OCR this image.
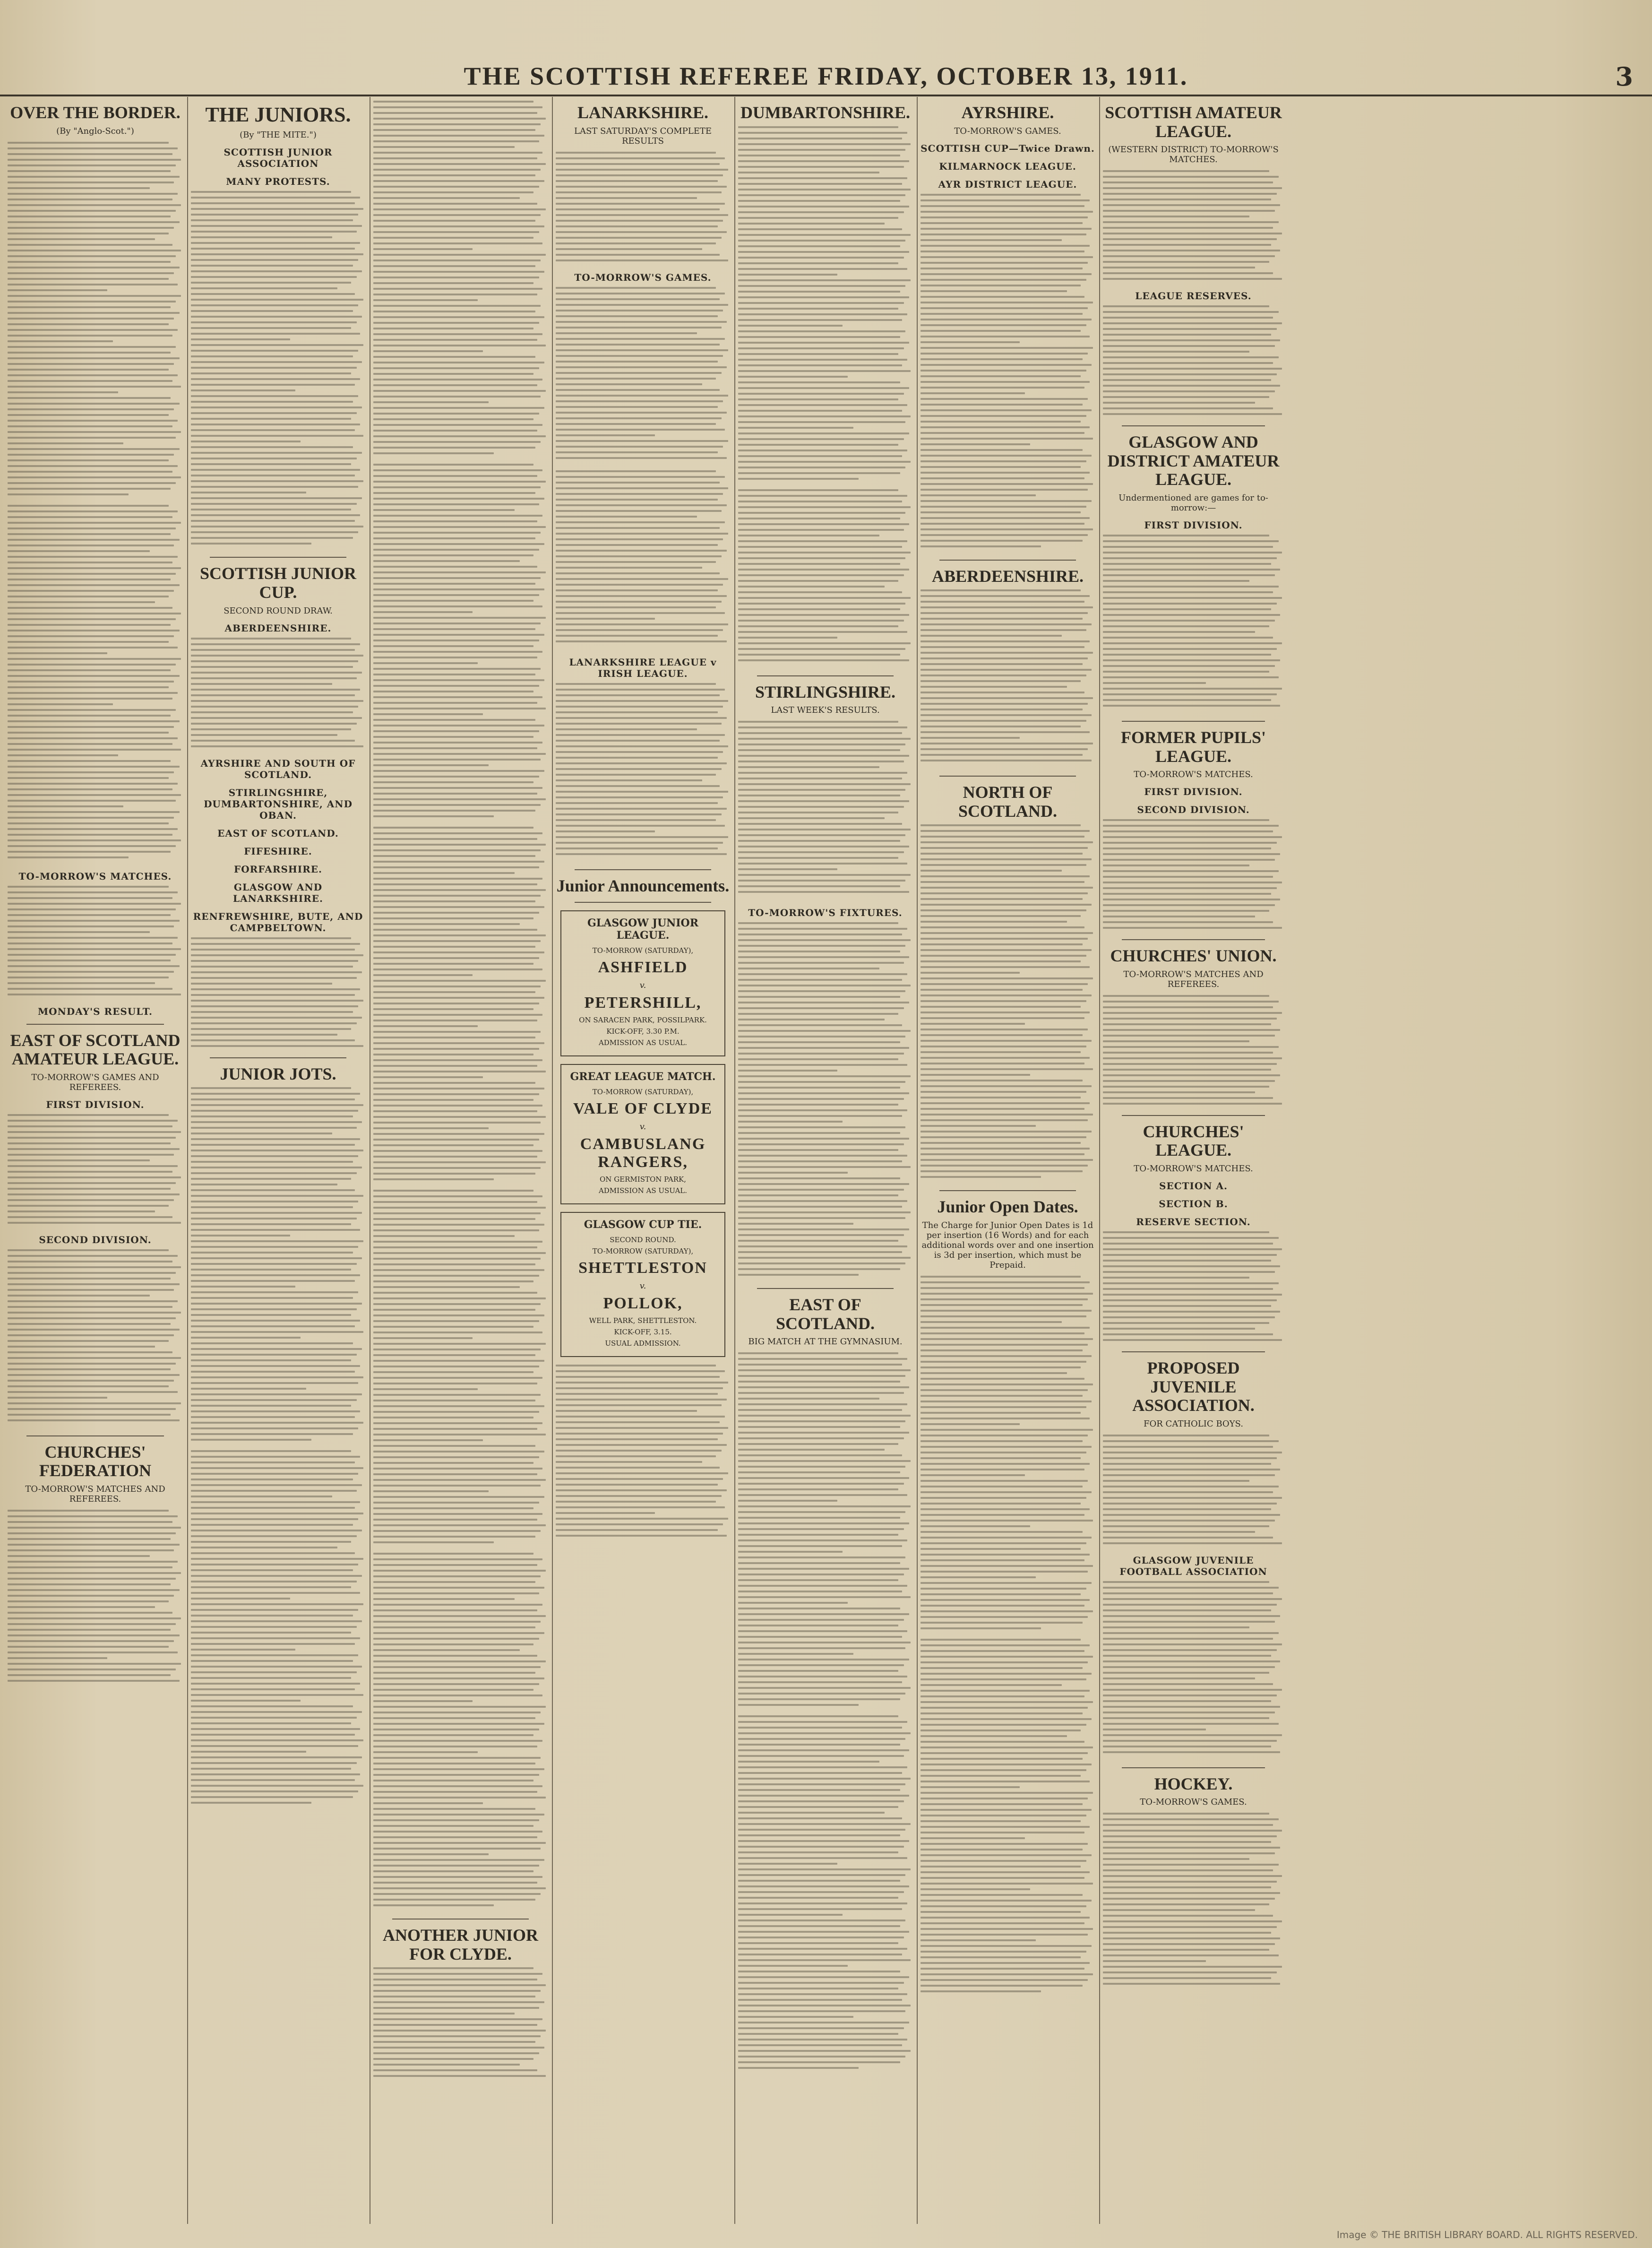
THE SCOTTISH REFEREE FRIDAY, OCTOBER 13, 1911.	3
OVER THE BORDER.
(By "Anglo-Scot.")
TO-MORROW'S MATCHES.
MONDAY'S RESULT.
EAST OF SCOTLAND AMATEUR LEAGUE.
TO-MORROW'S GAMES AND REFEREES.
FIRST DIVISION.
SECOND DIVISION.
CHURCHES' FEDERATION
TO-MORROW'S MATCHES AND REFEREES.
THE JUNIORS.
(By "THE MITE.")
SCOTTISH JUNIOR ASSOCIATION
MANY PROTESTS.
SCOTTISH JUNIOR CUP.
SECOND ROUND DRAW.
ABERDEENSHIRE.
AYRSHIRE AND SOUTH OF SCOTLAND.
STIRLINGSHIRE, DUMBARTONSHIRE, AND OBAN.
EAST OF SCOTLAND.
FIFESHIRE.
FORFARSHIRE.
GLASGOW AND LANARKSHIRE.
RENFREWSHIRE, BUTE, AND CAMPBELTOWN.
JUNIOR JOTS.
ANOTHER JUNIOR FOR CLYDE.
LANARKSHIRE.
LAST SATURDAY'S COMPLETE RESULTS
TO-MORROW'S GAMES.
LANARKSHIRE LEAGUE v IRISH LEAGUE.
Junior Announcements.
GLASGOW JUNIOR LEAGUE.
TO-MORROW (SATURDAY),
ASHFIELD
v.
PETERSHILL,
ON SARACEN PARK, POSSILPARK.
KICK-OFF, 3.30 P.M.
ADMISSION AS USUAL.
GREAT LEAGUE MATCH.
TO-MORROW (SATURDAY),
VALE OF CLYDE
v.
CAMBUSLANG RANGERS,
ON GERMISTON PARK,
ADMISSION AS USUAL.
GLASGOW CUP TIE.
SECOND ROUND.
TO-MORROW (SATURDAY),
SHETTLESTON
v.
POLLOK,
WELL PARK, SHETTLESTON.
KICK-OFF, 3.15.
USUAL ADMISSION.
DUMBARTONSHIRE.
STIRLINGSHIRE.
LAST WEEK'S RESULTS.
TO-MORROW'S FIXTURES.
EAST OF SCOTLAND.
BIG MATCH AT THE GYMNASIUM.
AYRSHIRE.
TO-MORROW'S GAMES.
SCOTTISH CUP—Twice Drawn.
KILMARNOCK LEAGUE.
AYR DISTRICT LEAGUE.
ABERDEENSHIRE.
NORTH OF SCOTLAND.
Junior Open Dates.
The Charge for Junior Open Dates is 1d per insertion (16 Words) and for each additional words over and one insertion is 3d per insertion, which must be Prepaid.
SCOTTISH AMATEUR LEAGUE.
(WESTERN DISTRICT) TO-MORROW'S MATCHES.
LEAGUE RESERVES.
GLASGOW AND DISTRICT AMATEUR LEAGUE.
Undermentioned are games for to-morrow:—
FIRST DIVISION.
FORMER PUPILS' LEAGUE.
TO-MORROW'S MATCHES.
FIRST DIVISION.
SECOND DIVISION.
CHURCHES' UNION.
TO-MORROW'S MATCHES AND REFEREES.
CHURCHES' LEAGUE.
TO-MORROW'S MATCHES.
SECTION A.
SECTION B.
RESERVE SECTION.
PROPOSED JUVENILE ASSOCIATION.
FOR CATHOLIC BOYS.
GLASGOW JUVENILE FOOTBALL ASSOCIATION
HOCKEY.
TO-MORROW'S GAMES.
Image © THE BRITISH LIBRARY BOARD. ALL RIGHTS RESERVED.
